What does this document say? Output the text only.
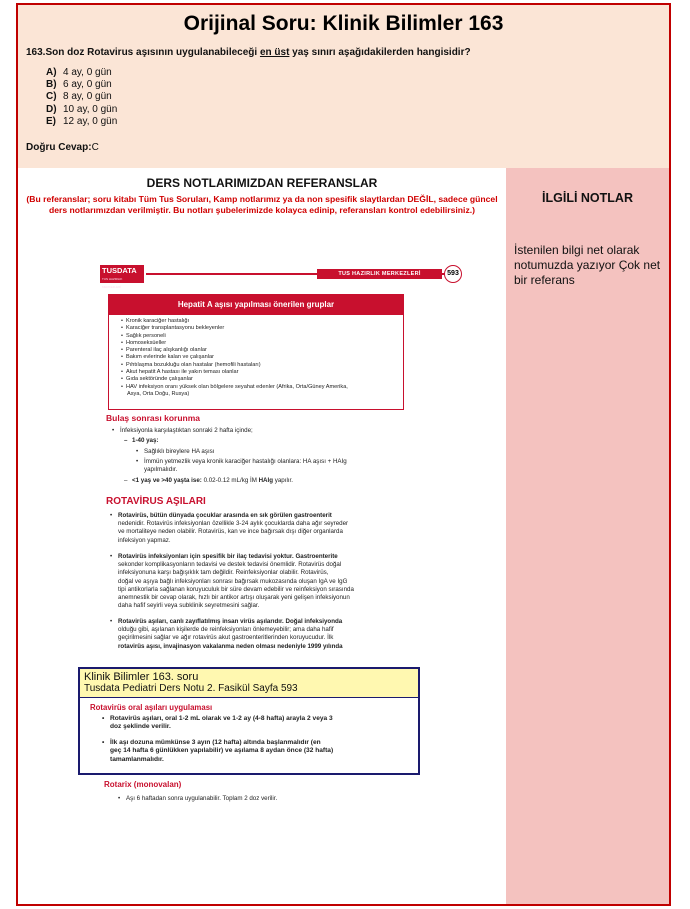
Orijinal Soru: Klinik Bilimler 163
163.Son doz Rotavirus aşısının uygulanabileceği en üst yaş sınırı aşağıdakilerden hangisidir?
A) 4 ay, 0 gün
B) 6 ay, 0 gün
C) 8 ay, 0 gün
D) 10 ay, 0 gün
E) 12 ay, 0 gün
Doğru Cevap:C
DERS NOTLARIMIZDAN REFERANSLAR
(Bu referanslar; soru kitabı Tüm Tus Soruları, Kamp notlarımız ya da non spesifik slaytlardan DEĞİL, sadece güncel ders notlarımızdan verilmiştir. Bu notları şubelerimizde kolayca edinip, referansları kontrol edebilirsiniz.)
TUSDATA
TUS HAZIRLIK MERKEZLERİ
TUS HAZIRLIK MERKEZLERİ	593
Hepatit A aşısı yapılması önerilen gruplar
• Kronik karaciğer hastalığı
• Karaciğer transplantasyonu bekleyenler
• Sağlık personeli
• Homoseksüeller
• Parenteral ilaç alışkanlığı olanlar
• Bakım evlerinde kalan ve çalışanlar
• Pıhtılaşma bozukluğu olan hastalar (hemofili hastaları)
• Akut hepatit A hastası ile yakın teması olanlar
• Gıda sektöründe çalışanlar
• HAV infeksiyon oranı yüksek olan bölgelere seyahat edenler (Afrika, Orta/Güney Amerika,
Asya, Orta Doğu, Rusya)
Bulaş sonrası korunma
• İnfeksiyonla karşılaştıktan sonraki 2 hafta içinde;
– 1-40 yaş:
• Sağlıklı bireylere HA aşısı
• İmmün yetmezlik veya kronik karaciğer hastalığı olanlara: HA aşısı + HAIg
yapılmalıdır.
– <1 yaş ve >40 yaşta ise: 0.02-0.12 mL/kg İM HAIg yapılır.
ROTAVİRUS AŞILARI
• Rotavirüs, bütün dünyada çocuklar arasında en sık görülen gastroenterit
nedenidir. Rotavirüs infeksiyonları özellikle 3-24 aylık çocuklarda daha ağır seyreder
ve mortaliteye neden olabilir. Rotavirüs, kan ve ince bağırsak dışı diğer organlarda
infeksiyon yapmaz.
• Rotavirüs infeksiyonları için spesifik bir ilaç tedavisi yoktur. Gastroenterite
sekonder komplikasyonların tedavisi ve destek tedavisi önemlidir. Rotavirüs doğal
infeksiyonuna karşı bağışıklık tam değildir. Reinfeksiyonlar olabilir. Rotavirüs,
doğal ve aşıya bağlı infeksiyonları sonrası bağırsak mukozasında oluşan IgA ve IgG
tipi antikorlarla sağlanan koruyuculuk bir süre devam edebilir ve reinfeksiyon sırasında
anemnestik bir cevap olarak, hızlı bir antikor artışı oluşarak yeni gelişen infeksiyonun
daha hafif seyirli veya subklinik seyretmesini sağlar.
• Rotavirüs aşıları, canlı zayıflatılmış insan virüs aşılarıdır. Doğal infeksiyonda
olduğu gibi, aşılanan kişilerde de reinfeksiyonları önlemeyebilir; ama daha hafif
geçirilmesini sağlar ve ağır rotavirüs akut gastroenteritlerinden koruyucudur. İlk
rotavirüs aşısı, invajinasyon vakalanma neden olması nedeniyle 1999 yılında
İLGİLİ NOTLAR
İstenilen bilgi net olarak notumuzda yazıyor Çok net bir referans
Klinik Bilimler 163. soru
Tusdata Pediatri Ders Notu 2. Fasikül Sayfa 593
Rotavirüs oral aşıları uygulaması
• Rotavirüs aşıları, oral 1-2 mL olarak ve 1-2 ay (4-8 hafta) arayla 2 veya 3
doz şeklinde verilir.
• İlk aşı dozuna mümkünse 3 ayın (12 hafta) altında başlanmalıdır (en
geç 14 hafta 6 günlükken yapılabilir) ve aşılama 8 aydan önce (32 hafta)
tamamlanmalıdır.
Rotarix (monovalan)
• Aşı 6 haftadan sonra uygulanabilir. Toplam 2 doz verilir.
